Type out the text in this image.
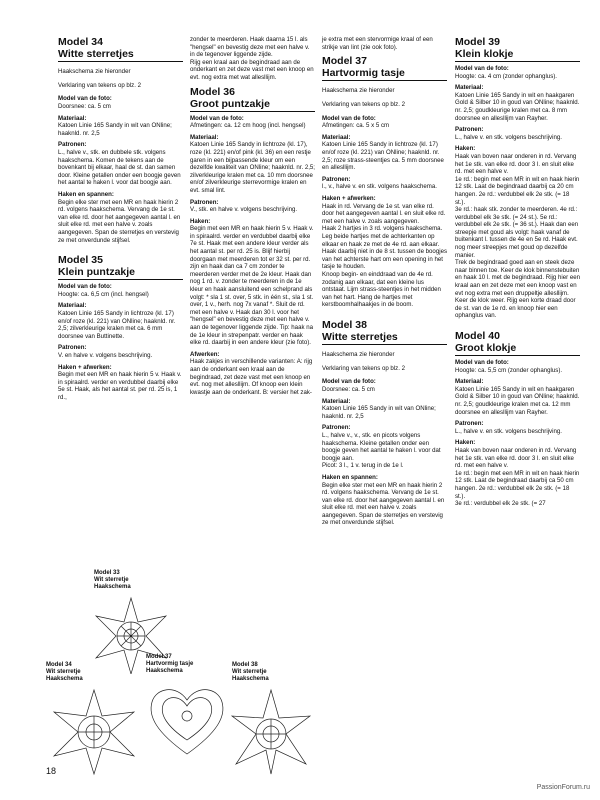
Model 34
Witte sterretjes

Haakschema zie hieronder

Verklaring van tekens op blz. 2

Model van de foto:
Doorsnee: ca. 5 cm
Materiaal:
Katoen Linie 165 Sandy in wit van ONline; haaknld. nr. 2,5
Patronen:
L., halve v., stk. en dubbele stk. volgens haakschema. Komen de tekens aan de bovenkant bij elkaar, haal de st. dan samen door. Kleine getallen onder een boogje geven het aantal te haken l. voor dat boogje aan.
Haken en spannen:
Begin elke ster met een MR en haak hierin 2 rd. volgens haakschema. Vervang de 1e st. van elke rd. door het aangegeven aantal l. en sluit elke rd. met een halve v. zoals aangegeven. Span de sterretjes en verstevig ze met onverdunde stijfsel.
Model 35
Klein puntzakje
Model van de foto:
Hoogte: ca. 6,5 cm (incl. hengsel)
Materiaal:
Katoen Linie 165 Sandy in lichtroze (kl. 17) en/of roze (kl. 221) van ONline; haaknld. nr. 2,5; zilverkleurige kralen met ca. 6 mm doorsnee van Buttinette.
Patronen:
V. en halve v. volgens beschrijving.
Haken + afwerken:
Begin met een MR en haak hierin 5 v. Haak v. in spiraalrd. verder en verdubbel daarbij elke 5e st. Haak, als het aantal st. per rd. 25 is, 1 rd.,

zonder te meerderen. Haak daarna 15 l. als "hengsel" en bevestig deze met een halve v. in de tegenover liggende zijde.

Rijg een kraal aan de begindraad aan de onderkant en zet deze vast met een knoop en evt. nog extra met wat allesllijm.

Model 36
Groot puntzakje
Model van de foto:
Afmetingen: ca. 12 cm hoog (incl. hengsel)
Materiaal:
Katoen Linie 165 Sandy in lichtroze (kl. 17), roze (kl. 221) en/of pink (kl. 36) en een restje garen in een bijpassende kleur om een dezelfde kwaliteit van ONline; haaknld. nr. 2,5; zilverkleurige kralen met ca. 10 mm doorsnee en/of zilverkleurige sterrevormige kralen en evt. smal lint.
Patronen:
V., stk. en halve v. volgens beschrijving.
Haken:
Begin met een MR en haak hierin 5 v. Haak v. in spiraalrd. verder en verdubbel daarbij elke 7e st. Haak met een andere kleur verder als het aantal st. per rd. 25 is. Blijf hierbij doorgaan met meerderen tot er 32 st. per rd. zijn en haak dan ca 7 cm zonder te meerderen verder met de 2e kleur. Haak dan nog 1 rd. v. zonder te meerderen in de 1e kleur en haak aansluitend een schelprand als volgt: * sla 1 st. over, 5 stk. in één st., sla 1 st. over, 1 v., herh. nog 7x vanaf *. Sluit de rd. met een halve v. Haak dan 30 l. voor het "hengsel" en bevestig deze met een halve v. aan de tegenover liggende zijde. Tip: haak na de 1e kleur in strepenpatr. verder en haak elke rd. daarbij in een andere kleur (zie foto).
Afwerken:
Haak zakjes in verschillende varianten: A: rijg aan de onderkant een kraal aan de begindraad, zet deze vast met een knoop en evt. nog met allesllijm. Of knoop een klein kwastje aan de onderkant. B: versier het zak-
je extra met een stervormige kraal of een strikje van lint (zie ook foto).
Model 37
Hartvormig tasje

Haakschema zie hieronder

Verklaring van tekens op blz. 2

Model van de foto:
Afmetingen: ca. 5 x 5 cm
Materiaal:
Katoen Linie 165 Sandy in lichtroze (kl. 17) en/of roze (kl. 221) van ONline; haaknld. nr. 2,5; roze strass-steentjes ca. 5 mm doorsnee en allesllijm.
Patronen:
l., v., halve v. en stk. volgens haakschema.
Haken + afwerken:

Haak in rd. Vervang de 1e st. van elke rd. door het aangegeven aantal l. en sluit elke rd. met een halve v. zoals aangegeven.

Haak 2 hartjes in 3 rd. volgens haakschema. Leg beide hartjes met de achterkanten op elkaar en haak ze met de 4e rd. aan elkaar. Haak daarbij niet in de 8 st. tussen de boogjes van het achterste hart om een opening in het tasje te houden.

Knoop begin- en einddraad van de 4e rd. zodanig aan elkaar, dat een kleine lus ontstaat. Lijm strass-steentjes in het midden van het hart. Hang de hartjes met kerstboomhalhaakjes in de boom.

Model 38
Witte sterretjes

Haakschema zie hieronder

Verklaring van tekens op blz. 2

Model van de foto:
Doorsnee: ca. 5 cm
Materiaal:
Katoen Linie 165 Sandy in wit van ONline; haaknld. nr. 2,5
Patronen:

L., halve v., v., stk. en picots volgens haakschema. Kleine getallen onder een boogje geven het aantal te haken l. voor dat boogje aan.

Picot: 3 l., 1 v. terug in de 1e l.

Haken en spannen:
Begin elke ster met een MR en haak hierin 2 rd. volgens haakschema. Vervang de 1e st. van elke rd. door het aangegeven aantal l. en sluit elke rd. met een halve v. zoals aangegeven. Span de sterretjes en verstevig ze met onverdunde stijfsel.
Model 39
Klein klokje
Model van de foto:
Hoogte: ca. 4 cm (zonder ophanglus).
Materiaal:
Katoen Linie 165 Sandy in wit en haakgaren Gold & Silber 10 in goud van ONline; haaknld. nr. 2,5; goudkleurige kralen met ca. 8 mm doorsnee en allesllijm van Rayher.
Patronen:
L., halve v. en stk. volgens beschrijving.
Haken:

Haak van boven naar onderen in rd. Vervang het 1e stk. van elke rd. door 3 l. en sluit elke rd. met een halve v.

1e rd.: begin met een MR in wit en haak hierin 12 stk. Laat de begindraad daarbij ca 20 cm hangen. 2e rd.: verdubbel elk 2e stk. (= 18 st.).

3e rd.: haak stk. zonder te meerderen. 4e rd.: verdubbel elk 3e stk. (= 24 st.). 5e rd.: verdubbel elk 2e stk. (= 36 st.). Haak dan een streepje met goud als volgt: haak vanaf de buitenkant l. tussen de 4e en 5e rd. Haak evt. nog meer streepjes met goud op dezelfde manier.

Trek de begindraad goed aan en steek deze naar binnen toe. Keer de klok binnenstebuiten en haak 10 l. met de begindraad. Rijg hier een kraal aan en zet deze met een knoop vast en evt nog extra met een druppeltje allesllijm. Keer de klok weer. Rijg een korte draad door de st. van de 1e rd. en knoop hier een ophanglus van.

Model 40
Groot klokje
Model van de foto:
Hoogte: ca. 5,5 cm (zonder ophanglus).
Materiaal:
Katoen Linie 165 Sandy in wit en haakgaren Gold & Silber 10 in goud van ONline; haaknld. nr. 2,5; goudkleurige kralen met ca. 12 mm doorsnee en allesllijm van Rayher.
Patronen:
L., halve v. en stk. volgens beschrijving.
Haken:

Haak van boven naar onderen in rd. Vervang het 1e stk. van elke rd. door 3 l. en sluit elke rd. met een halve v.

1e rd.: begin met een MR in wit en haak hierin 12 stk. Laat de begindraad daarbij ca 50 cm hangen. 2e rd.: verdubbel elk 2e stk. (= 18 st.).

3e rd.: verdubbel elk 2e stk. (= 27

Model 33
Wit sterretje
Haakschema
Model 34
Wit sterretje
Haakschema
Model 37
Hartvormig tasje
Haakschema
Model 38
Wit sterretje
Haakschema
18
PassionForum.ru
